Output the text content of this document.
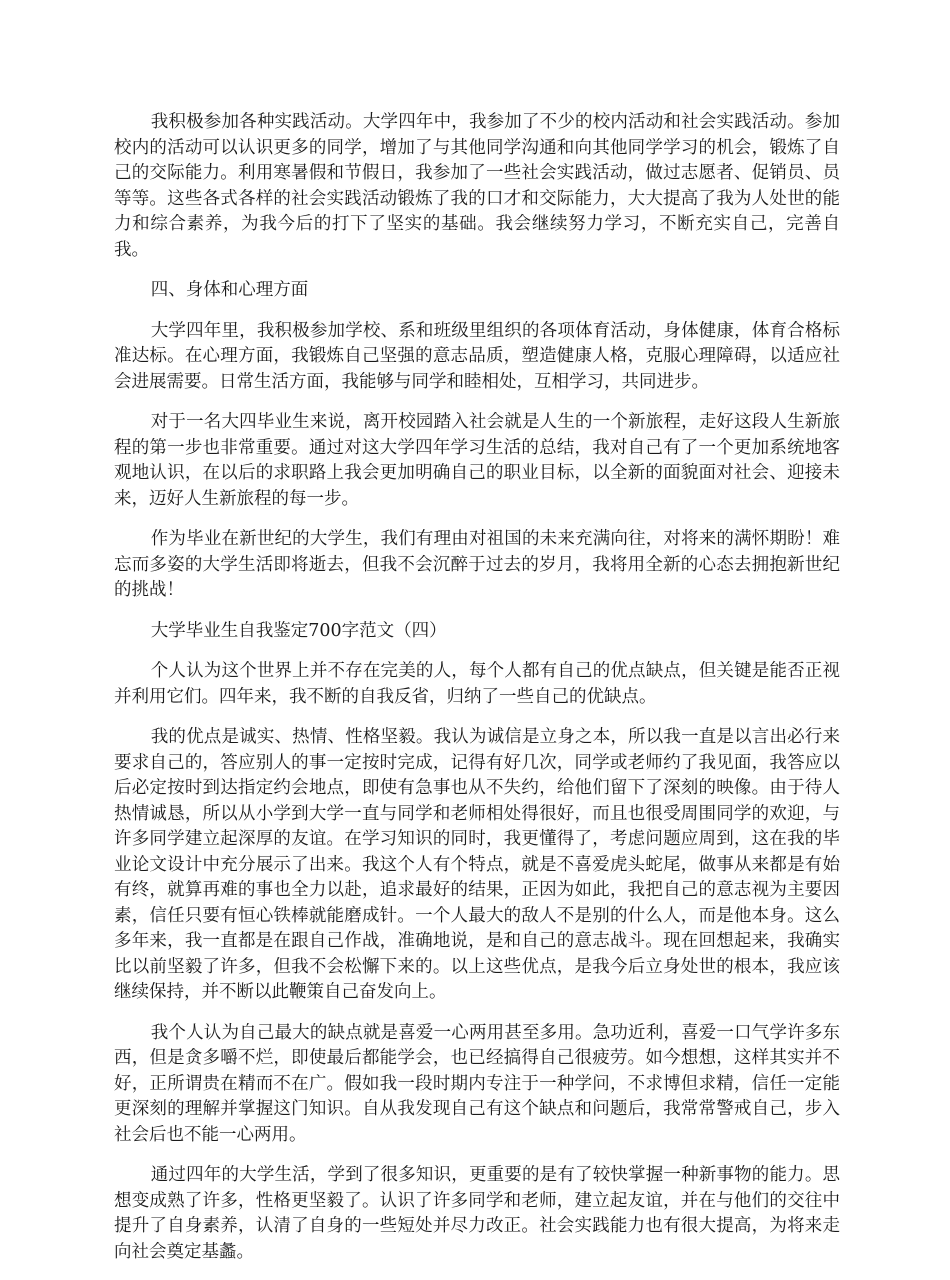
我积极参加各种实践活动。大学四年中，我参加了不少的校内活动和社会实践活动。参加校内的活动可以认识更多的同学，增加了与其他同学沟通和向其他同学学习的机会，锻炼了自己的交际能力。利用寒暑假和节假日，我参加了一些社会实践活动，做过志愿者、促销员、员等等。这些各式各样的社会实践活动锻炼了我的口才和交际能力，大大提高了我为人处世的能力和综合素养，为我今后的打下了坚实的基础。我会继续努力学习，不断充实自己，完善自我。

四、身体和心理方面

大学四年里，我积极参加学校、系和班级里组织的各项体育活动，身体健康，体育合格标准达标。在心理方面，我锻炼自己坚强的意志品质，塑造健康人格，克服心理障碍，以适应社会进展需要。日常生活方面，我能够与同学和睦相处，互相学习，共同进步。

对于一名大四毕业生来说，离开校园踏入社会就是人生的一个新旅程，走好这段人生新旅程的第一步也非常重要。通过对这大学四年学习生活的总结，我对自己有了一个更加系统地客观地认识，在以后的求职路上我会更加明确自己的职业目标，以全新的面貌面对社会、迎接未来，迈好人生新旅程的每一步。

作为毕业在新世纪的大学生，我们有理由对祖国的未来充满向往，对将来的满怀期盼！难忘而多姿的大学生活即将逝去，但我不会沉醉于过去的岁月，我将用全新的心态去拥抱新世纪的挑战！

大学毕业生自我鉴定700字范文（四）

个人认为这个世界上并不存在完美的人，每个人都有自己的优点缺点，但关键是能否正视并利用它们。四年来，我不断的自我反省，归纳了一些自己的优缺点。

我的优点是诚实、热情、性格坚毅。我认为诚信是立身之本，所以我一直是以言出必行来要求自己的，答应别人的事一定按时完成，记得有好几次，同学或老师约了我见面，我答应以后必定按时到达指定约会地点，即使有急事也从不失约，给他们留下了深刻的映像。由于待人热情诚恳，所以从小学到大学一直与同学和老师相处得很好，而且也很受周围同学的欢迎，与许多同学建立起深厚的友谊。在学习知识的同时，我更懂得了，考虑问题应周到，这在我的毕业论文设计中充分展示了出来。我这个人有个特点，就是不喜爱虎头蛇尾，做事从来都是有始有终，就算再难的事也全力以赴，追求最好的结果，正因为如此，我把自己的意志视为主要因素，信任只要有恒心铁棒就能磨成针。一个人最大的敌人不是别的什么人，而是他本身。这么多年来，我一直都是在跟自己作战，准确地说，是和自己的意志战斗。现在回想起来，我确实比以前坚毅了许多，但我不会松懈下来的。以上这些优点，是我今后立身处世的根本，我应该继续保持，并不断以此鞭策自己奋发向上。

我个人认为自己最大的缺点就是喜爱一心两用甚至多用。急功近利，喜爱一口气学许多东西，但是贪多嚼不烂，即使最后都能学会，也已经搞得自己很疲劳。如今想想，这样其实并不好，正所谓贵在精而不在广。假如我一段时期内专注于一种学问，不求博但求精，信任一定能更深刻的理解并掌握这门知识。自从我发现自己有这个缺点和问题后，我常常警戒自己，步入社会后也不能一心两用。

通过四年的大学生活，学到了很多知识，更重要的是有了较快掌握一种新事物的能力。思想变成熟了许多，性格更坚毅了。认识了许多同学和老师，建立起友谊，并在与他们的交往中提升了自身素养，认清了自身的一些短处并尽力改正。社会实践能力也有很大提高，为将来走向社会奠定基蠡。
